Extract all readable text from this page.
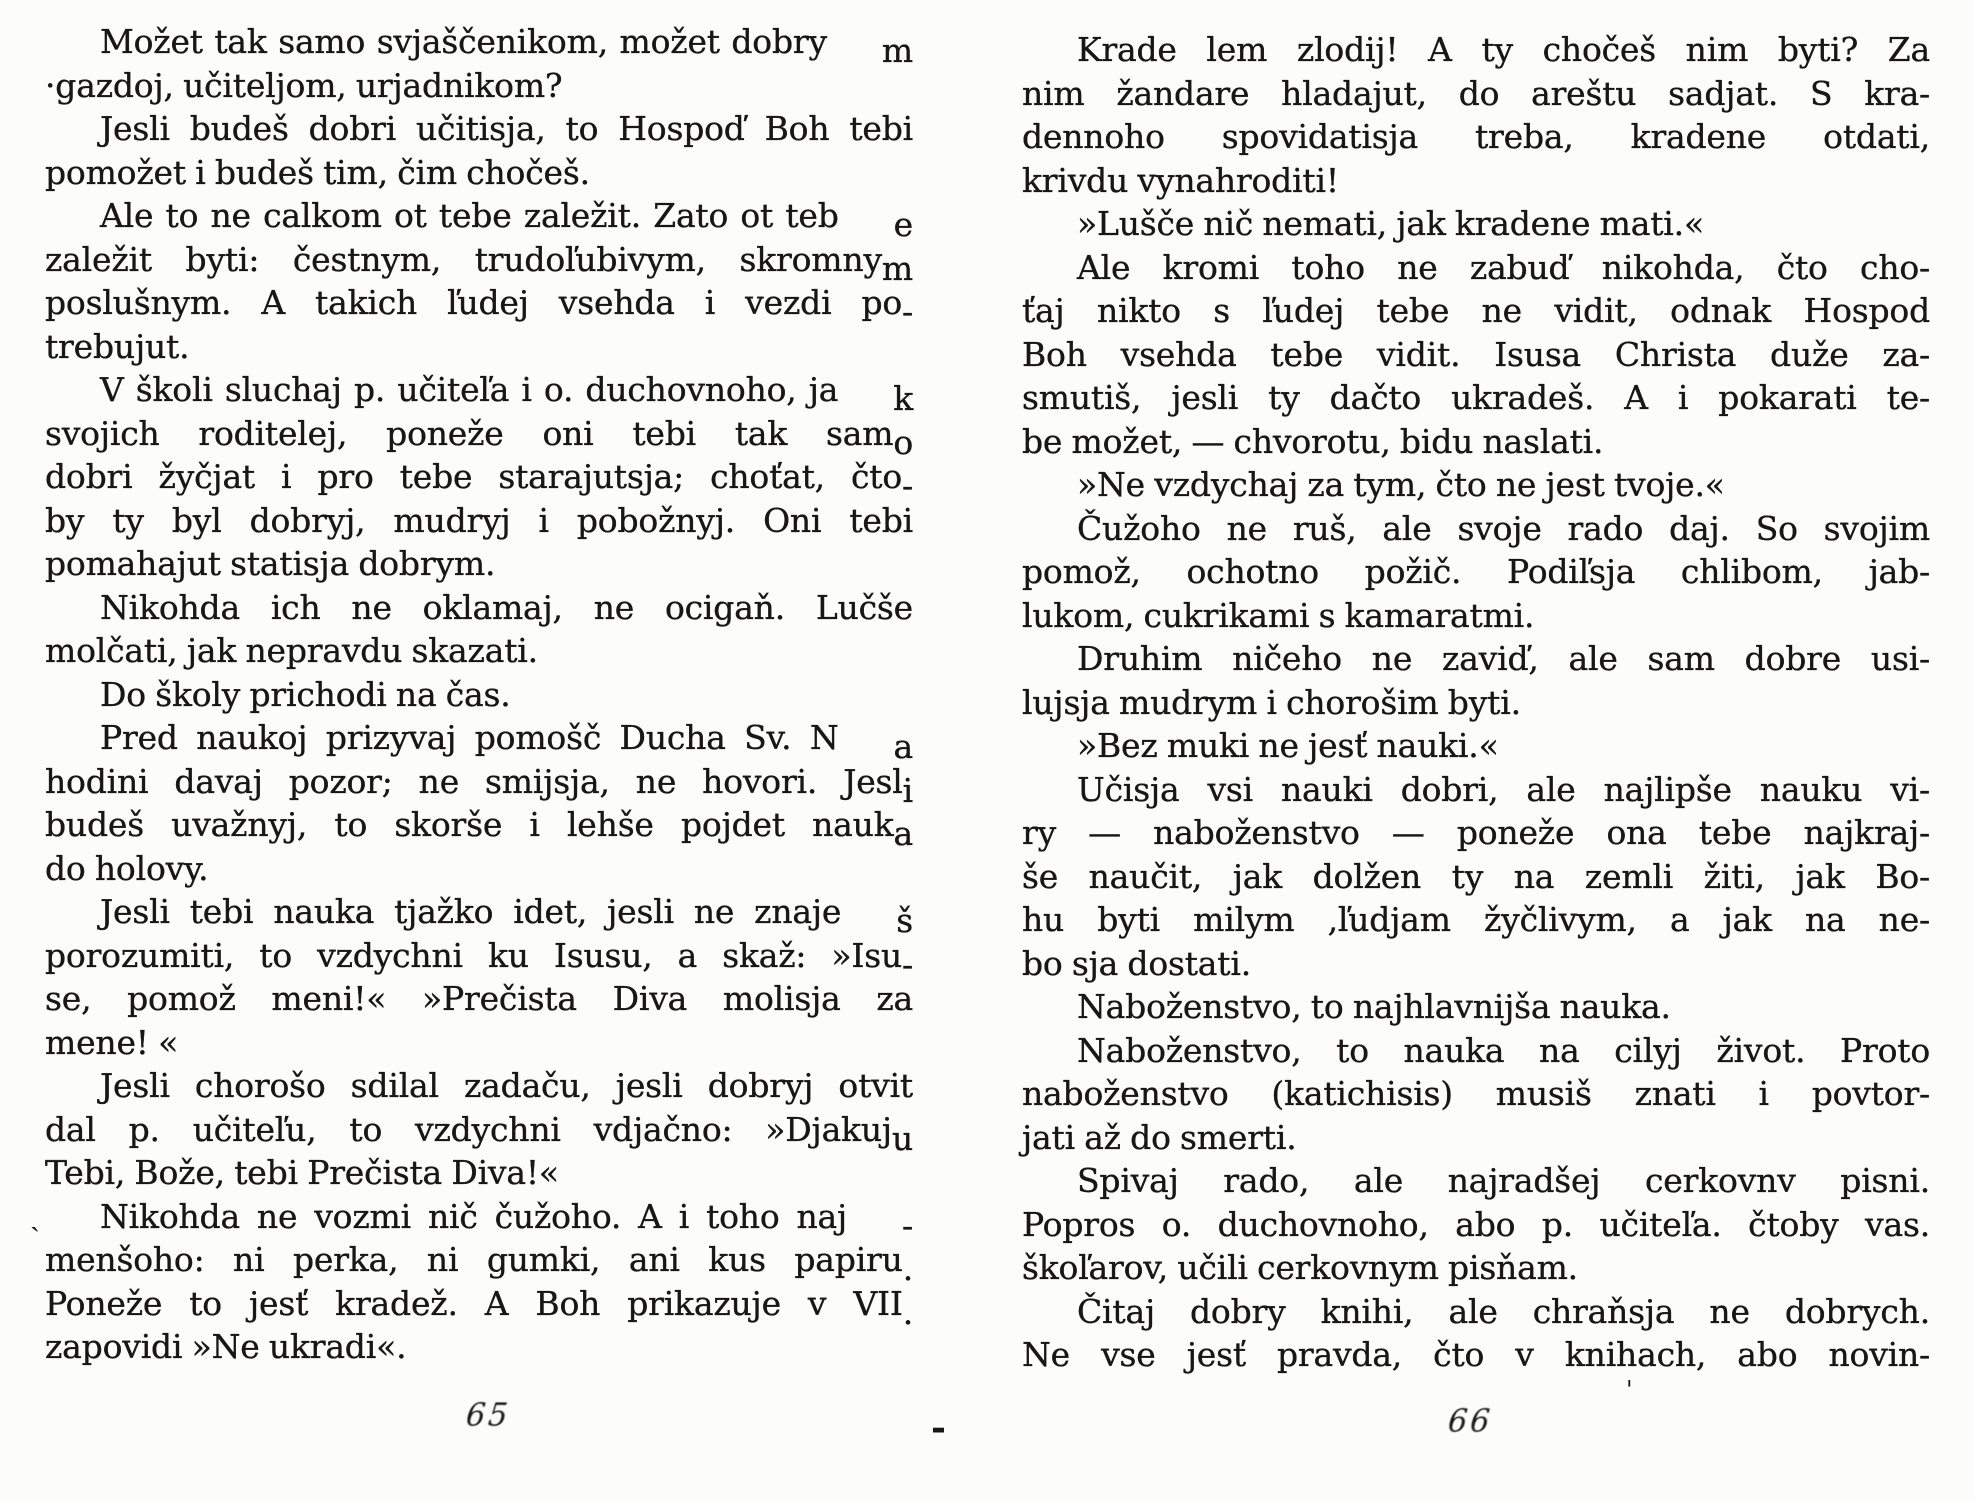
Možet tak samo svjaščenikom, možet dobry m
·gazdoj, učiteljom, urjadnikom?
Jesli budeš dobri učitisja, to Hospoď Boh tebi
pomožet i budeš tim, čim chočeš.
Ale to ne calkom ot tebe zaležit. Zato ot teb e
zaležit byti: čestnym, trudoľubivym, skromnym
poslušnym. A takich ľudej vsehda i vezdi po-
trebujut.
V školi sluchaj p. učiteľa i o. duchovnoho, ja k
svojich roditelej, poneže oni tebi tak samo
dobri žyčjat i pro tebe starajutsja; choťat, čto-
by ty byl dobryj, mudryj i pobožnyj. Oni tebi
pomahajut statisja dobrym.
Nikohda ich ne oklamaj, ne ocigaň. Lučše
molčati, jak nepravdu skazati.
Do školy prichodi na čas.
Pred naukoj prizyvaj pomošč Ducha Sv. N a
hodini davaj pozor; ne smijsja, ne hovori. Jesli
budeš uvažnyj, to skorše i lehše pojdet nauka
do holovy.
Jesli tebi nauka tjažko idet, jesli ne znaje š
porozumiti, to vzdychni ku Isusu, a skaž: »Isu-
se, pomož meni!« »Prečista Diva molisja za
mene! «
Jesli chorošo sdilal zadaču, jesli dobryj otvit
dal p. učiteľu, to vzdychni vdjačno: »Djakuju
Tebi, Bože, tebi Prečista Diva!«
Nikohda ne vozmi nič čužoho. A i toho naj -
menšoho: ni perka, ni gumki, ani kus papiru.
Poneže to jesť kradež. A Boh prikazuje v VII.
zapovidi »Ne ukradi«.
Krade lem zlodij! A ty chočeš nim byti? Za
nim žandare hladajut, do areštu sadjat. S kra-
dennoho spovidatisja treba, kradene otdati,
krivdu vynahroditi!
»Lušče nič nemati, jak kradene mati.«
Ale kromi toho ne zabuď nikohda, čto cho-
ťaj nikto s ľudej tebe ne vidit, odnak Hospod
Boh vsehda tebe vidit. Isusa Christa duže za-
smutiš, jesli ty dačto ukradeš. A i pokarati te-
be možet, — chvorotu, bidu naslati.
»Ne vzdychaj za tym, čto ne jest tvoje.«
Čužoho ne ruš, ale svoje rado daj. So svojim
pomož, ochotno požič. Podiľsja chlibom, jab-
lukom, cukrikami s kamaratmi.
Druhim ničeho ne zaviď, ale sam dobre usi-
lujsja mudrym i chorošim byti.
»Bez muki ne jesť nauki.«
Učisja vsi nauki dobri, ale najlipše nauku vi-
ry — naboženstvo — poneže ona tebe najkraj-
še naučit, jak dolžen ty na zemli žiti, jak Bo-
hu byti milym ,ľudjam žyčlivym, a jak na ne-
bo sja dostati.
Naboženstvo, to najhlavnijša nauka.
Naboženstvo, to nauka na cilyj život. Proto
naboženstvo (katichisis) musiš znati i povtor-
jati až do smerti.
Spivaj rado, ale najradšej cerkovnv pisni.
Popros o. duchovnoho, abo p. učiteľa. čtoby vas.
škoľarov, učili cerkovnym pisňam.
Čitaj dobry knihi, ale chraňsja ne dobrych.
Ne vse jesť pravda, čto v knihach, abo novin-
65	66
-
'
ˏ
